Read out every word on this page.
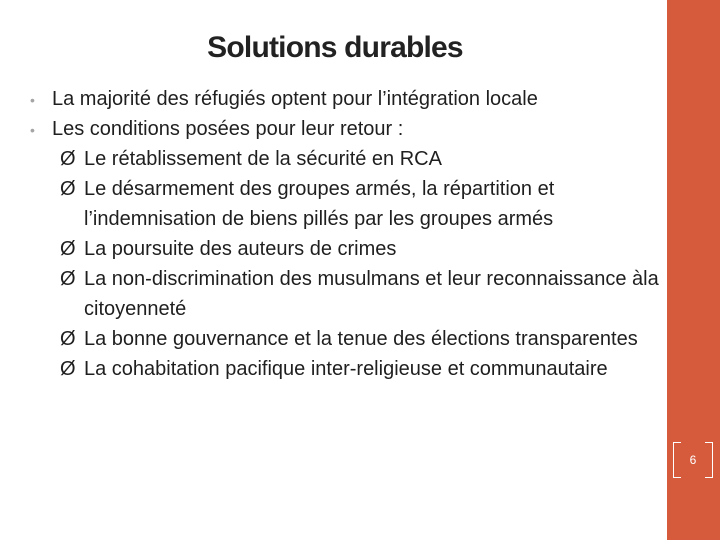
Solutions durables
• La majorité des réfugiés optent pour l’intégration locale
• Les conditions posées pour leur retour :
Ø Le rétablissement de la sécurité en RCA
Ø Le désarmement des groupes armés, la répartition et l’indemnisation de biens pillés par les groupes armés
Ø La poursuite des auteurs de crimes
Ø La non-discrimination des musulmans et leur reconnaissance àla citoyenneté
Ø La bonne gouvernance et la tenue des élections transparentes
Ø La cohabitation pacifique inter-religieuse et communautaire
6
